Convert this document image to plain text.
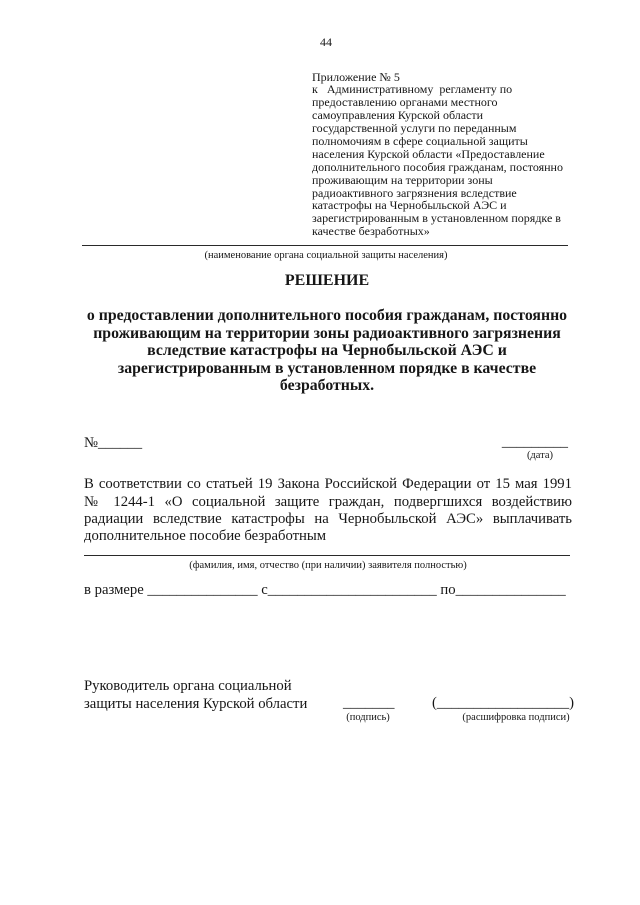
44
Приложение № 5
к   Административному  регламенту по
предоставлению органами местного
самоуправления Курской области
государственной услуги по переданным
полномочиям в сфере социальной защиты
населения Курской области «Предоставление
дополнительного пособия гражданам, постоянно
проживающим на территории зоны
радиоактивного загрязнения вследствие
катастрофы на Чернобыльской АЭС и
зарегистрированным в установленном порядке в
качестве безработных»
(наименование органа социальной защиты населения)
РЕШЕНИЕ
о предоставлении дополнительного пособия гражданам, постоянно
проживающим на территории зоны радиоактивного загрязнения
вследствие катастрофы на Чернобыльской АЭС и
зарегистрированным в установленном порядке в качестве
безработных.
№______	_________
(дата)
В соответствии со статьей 19 Закона Российской Федерации от 15 мая 1991
№ 1244-1 «О социальной защите граждан, подвергшихся воздействию
радиации вследствие катастрофы на Чернобыльской АЭС» выплачивать
дополнительное пособие безработным
(фамилия, имя, отчество (при наличии) заявителя полностью)
в размере _______________ с_______________________ по_______________
Руководитель органа социальной
защиты населения Курской области _______
(подпись)
(__________________)
(расшифровка подписи)
